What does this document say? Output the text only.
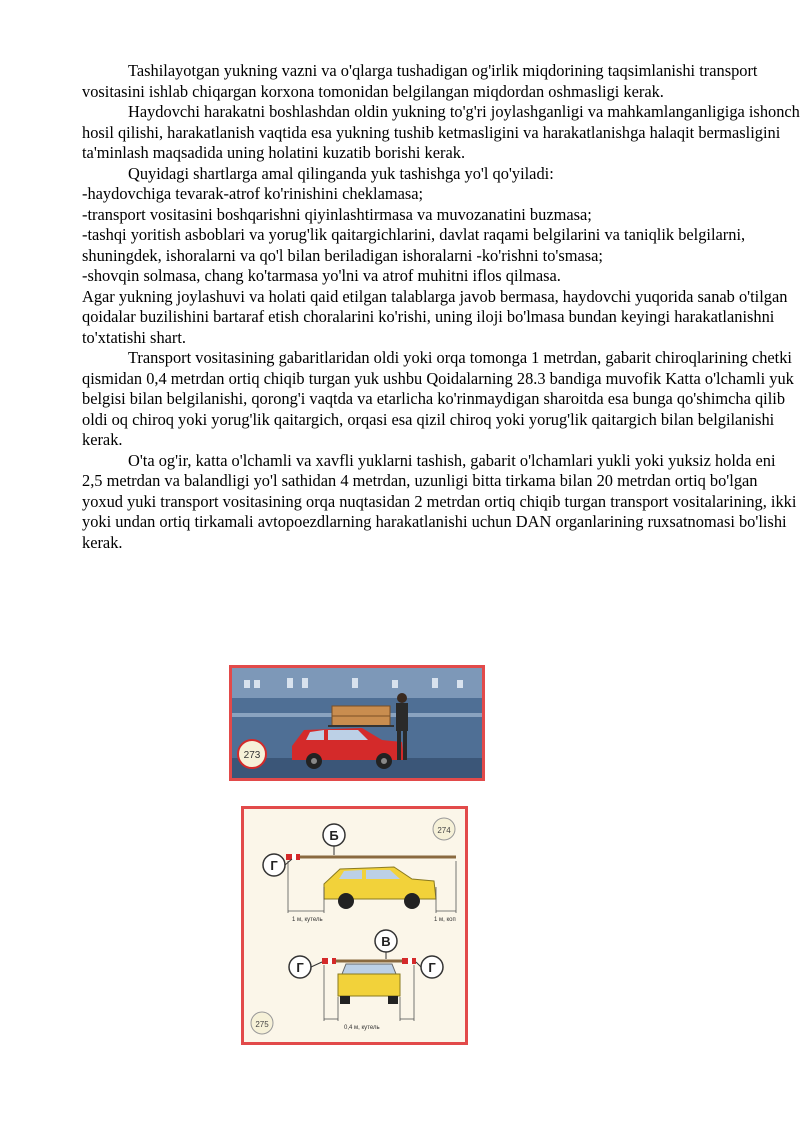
Tashilayotgan yukning vazni va o'qlarga tushadigan og'irlik miqdorining taqsimlanishi transport vositasini ishlab chiqargan korxona tomonidan belgilangan miqdordan oshmasligi kerak.

Haydovchi harakatni boshlashdan oldin yukning to'g'ri joylashganligi va mahkamlanganligiga ishonch hosil qilishi, harakatlanish vaqtida esa yukning tushib ketmasligini va harakatlanishga halaqit bermasligini ta'minlash maqsadida uning holatini kuzatib borishi kerak.

Quyidagi shartlarga amal qilinganda yuk tashishga yo'l qo'yiladi:

-haydovchiga tevarak-atrof ko'rinishini cheklamasa;

-transport vositasini boshqarishni qiyinlashtirmasa va muvozanatini buzmasa;

-tashqi yoritish asboblari va yorug'lik qaitargichlarini, davlat raqami belgilarini va taniqlik belgilarni, shuningdek, ishoralarni va qo'l bilan beriladigan ishoralarni -ko'rishni to'smasa;

-shovqin solmasa, chang ko'tarmasa yo'lni va atrof muhitni iflos qilmasa.

Agar yukning joylashuvi va holati qaid etilgan talablarga javob bermasa, haydovchi yuqorida sanab o'tilgan qoidalar buzilishini bartaraf etish choralarini ko'rishi, uning iloji bo'lmasa bundan keyingi harakatlanishni to'xtatishi shart.

Transport vositasining gabaritlaridan oldi yoki orqa tomonga 1 metrdan, gabarit chiroqlarining chetki qismidan 0,4 metrdan ortiq chiqib turgan yuk ushbu Qoidalarning 28.3 bandiga muvofik Katta o'lchamli yuk belgisi bilan belgilanishi, qorong'i vaqtda va etarlicha ko'rinmaydigan sharoitda esa bunga qo'shimcha qilib oldi oq chiroq yoki yorug'lik qaitargich, orqasi esa qizil chiroq yoki yorug'lik qaitargich bilan belgilanishi kerak.

O'ta og'ir, katta o'lchamli va xavfli yuklarni tashish, gabarit o'lchamlari yukli yoki yuksiz holda eni 2,5 metrdan va balandligi yo'l sathidan 4 metrdan, uzunligi bitta tirkama bilan 20 metrdan ortiq bo'lgan yoxud yuki transport vositasining orqa nuqtasidan 2 metrdan ortiq chiqib turgan transport vositalarining, ikki yoki undan ortiq tirkamali avtopoezdlarning harakatlanishi uchun DAN organlarining ruxsatnomasi bo'lishi kerak.

273
274
1 м, кутель	1 м, коп
Б
Г
В
Г	Г
0,4 м, кутель
275
